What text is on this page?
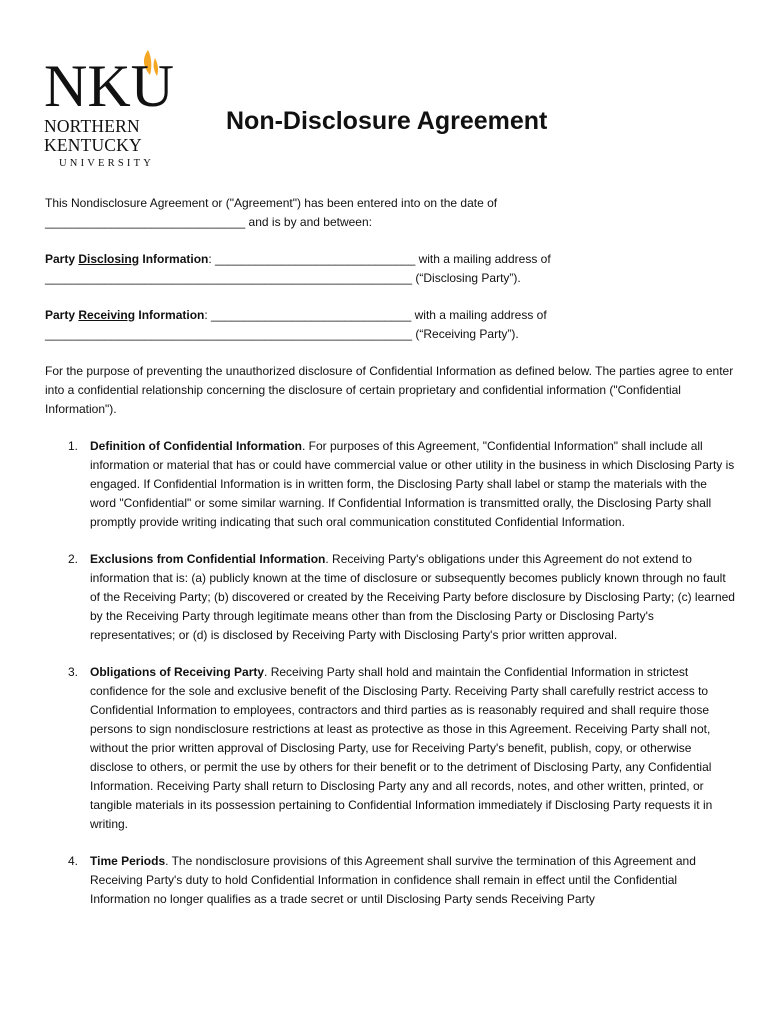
NKU
NORTHERN
KENTUCKY
UNIVERSITY
Non-Disclosure Agreement

This Nondisclosure Agreement or ("Agreement") has been entered into on the date of

______________________________ and is by and between:

Party Disclosing Information: ______________________________ with a mailing address of

_______________________________________________________ (“Disclosing Party”).

Party Receiving Information: ______________________________ with a mailing address of

_______________________________________________________ (“Receiving Party”).

For the purpose of preventing the unauthorized disclosure of Confidential Information as defined below. The parties agree to enter into a confidential relationship concerning the disclosure of certain proprietary and confidential information ("Confidential Information").

1. Definition of Confidential Information. For purposes of this Agreement, "Confidential Information" shall include all information or material that has or could have commercial value or other utility in the business in which Disclosing Party is engaged. If Confidential Information is in written form, the Disclosing Party shall label or stamp the materials with the word "Confidential" or some similar warning. If Confidential Information is transmitted orally, the Disclosing Party shall promptly provide writing indicating that such oral communication constituted Confidential Information.
2. Exclusions from Confidential Information. Receiving Party's obligations under this Agreement do not extend to information that is: (a) publicly known at the time of disclosure or subsequently becomes publicly known through no fault of the Receiving Party; (b) discovered or created by the Receiving Party before disclosure by Disclosing Party; (c) learned by the Receiving Party through legitimate means other than from the Disclosing Party or Disclosing Party's representatives; or (d) is disclosed by Receiving Party with Disclosing Party's prior written approval.
3. Obligations of Receiving Party. Receiving Party shall hold and maintain the Confidential Information in strictest confidence for the sole and exclusive benefit of the Disclosing Party. Receiving Party shall carefully restrict access to Confidential Information to employees, contractors and third parties as is reasonably required and shall require those persons to sign nondisclosure restrictions at least as protective as those in this Agreement. Receiving Party shall not, without the prior written approval of Disclosing Party, use for Receiving Party's benefit, publish, copy, or otherwise disclose to others, or permit the use by others for their benefit or to the detriment of Disclosing Party, any Confidential Information. Receiving Party shall return to Disclosing Party any and all records, notes, and other written, printed, or tangible materials in its possession pertaining to Confidential Information immediately if Disclosing Party requests it in writing.
4. Time Periods. The nondisclosure provisions of this Agreement shall survive the termination of this Agreement and Receiving Party's duty to hold Confidential Information in confidence shall remain in effect until the Confidential Information no longer qualifies as a trade secret or until Disclosing Party sends Receiving Party
